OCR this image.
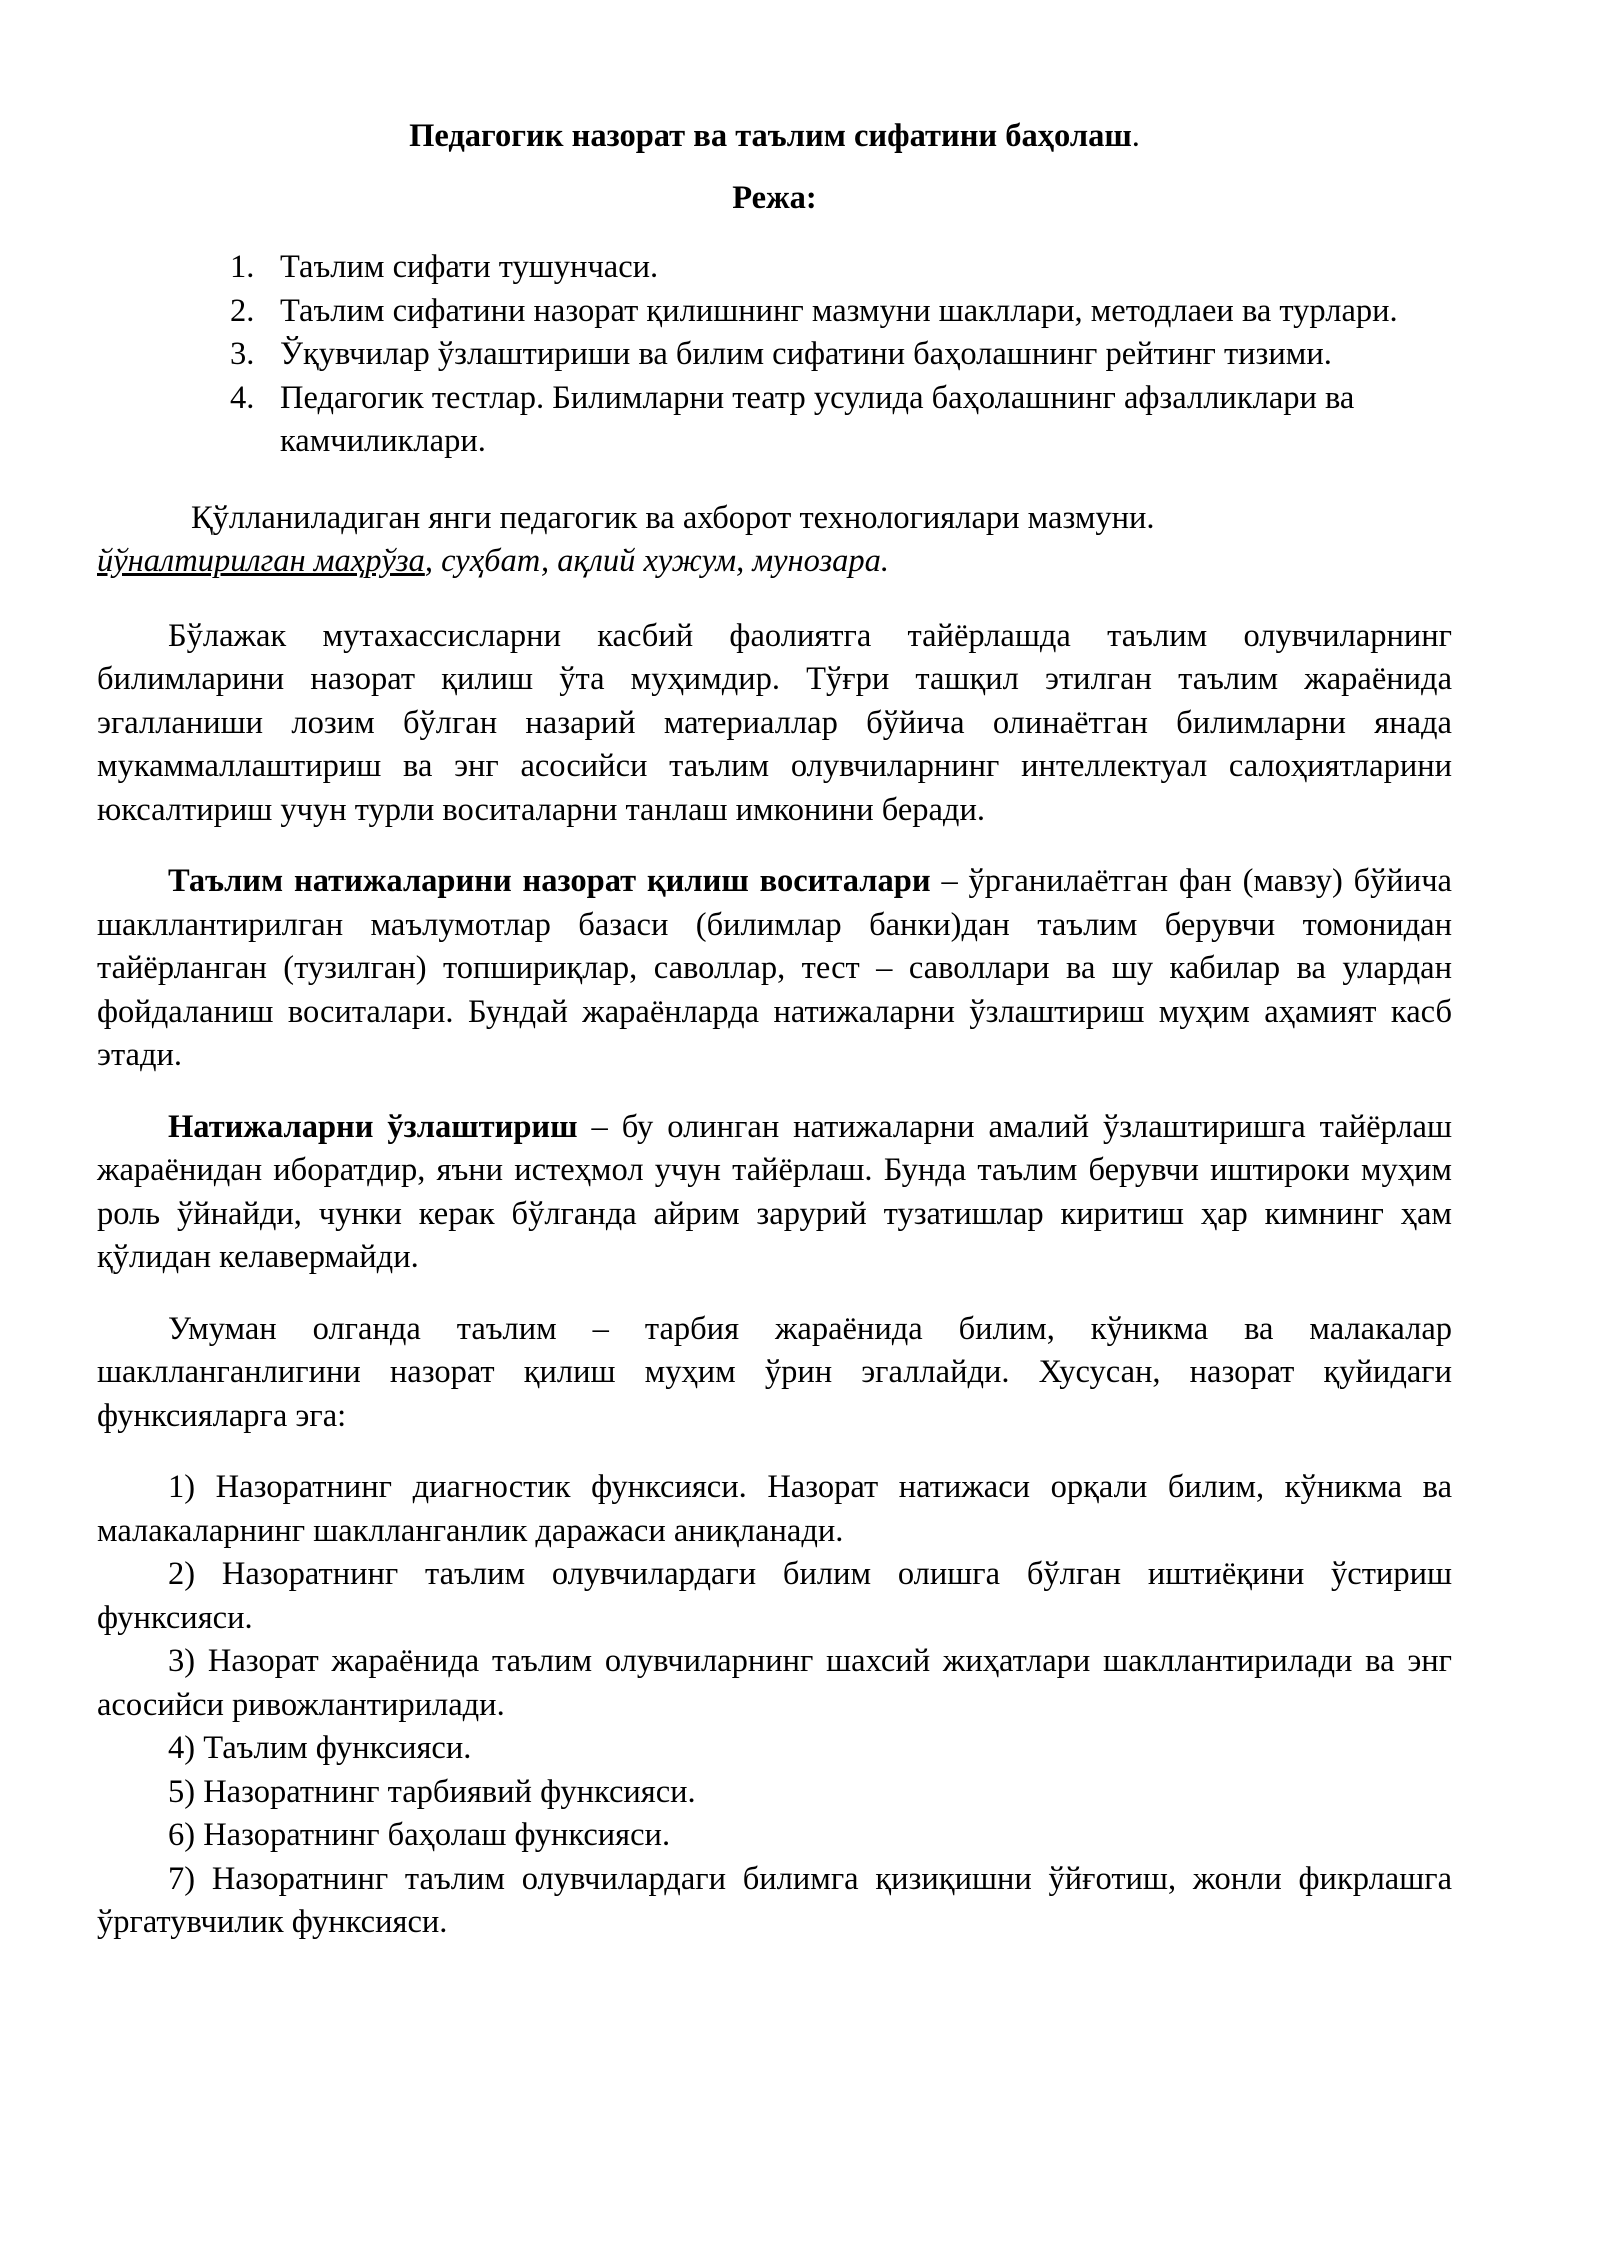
Педагогик назорат ва таълим сифатини баҳолаш.

Режа:

1. Таълим сифати тушунчаси.
2. Таълим сифатини назорат қилишнинг мазмуни шакллари, методлаеи ва турлари.
3. Ўқувчилар ўзлаштириши ва билим сифатини баҳолашнинг рейтинг тизими.
4. Педагогик тестлар. Билимларни театр усулида баҳолашнинг афзалликлари ва камчиликлари.

Қўлланиладиган янги педагогик ва ахборот технологиялари мазмуни.

йўналтирилган маҳрўза, суҳбат, ақлий хужум, мунозара.

Бўлажак мутахассисларни касбий фаолиятга тайёрлашда таълим олувчиларнинг билимларини назорат қилиш ўта муҳимдир. Тўғри ташқил этилган таълим жараёнида эгалланиши лозим бўлган назарий материаллар бўйича олинаётган билимларни янада мукаммаллаштириш ва энг асосийси таълим олувчиларнинг интеллектуал салоҳиятларини юксалтириш учун турли воситаларни танлаш имконини беради.

Таълим натижаларини назорат қилиш воситалари – ўрганилаётган фан (мавзу) бўйича шакллантирилган маълумотлар базаси (билимлар банки)дан таълим берувчи томонидан тайёрланган (тузилган) топшириқлар, саволлар, тест – саволлари ва шу кабилар ва улардан фойдаланиш воситалари. Бундай жараёнларда натижаларни ўзлаштириш муҳим аҳамият касб этади.

Натижаларни ўзлаштириш – бу олинган натижаларни амалий ўзлаштиришга тайёрлаш жараёнидан иборатдир, яъни истеҳмол учун тайёрлаш. Бунда таълим берувчи иштироки муҳим роль ўйнайди, чунки керак бўлганда айрим зарурий тузатишлар киритиш ҳар кимнинг ҳам қўлидан келавермайди.

Умуман олганда таълим – тарбия жараёнида билим, кўникма ва малакалар шаклланганлигини назорат қилиш муҳим ўрин эгаллайди. Хусусан, назорат қуйидаги функсияларга эга:

1) Назоратнинг диагностик функсияси. Назорат натижаси орқали билим, кўникма ва малакаларнинг шаклланганлик даражаси аниқланади.

2) Назоратнинг таълим олувчилардаги билим олишга бўлган иштиёқини ўстириш функсияси.

3) Назорат жараёнида таълим олувчиларнинг шахсий жиҳатлари шакллантирилади ва энг асосийси ривожлантирилади.

4) Таълим функсияси.

5) Назоратнинг тарбиявий функсияси.

6) Назоратнинг баҳолаш функсияси.

7) Назоратнинг таълим олувчилардаги билимга қизиқишни ўйғотиш, жонли фикрлашга ўргатувчилик функсияси.
